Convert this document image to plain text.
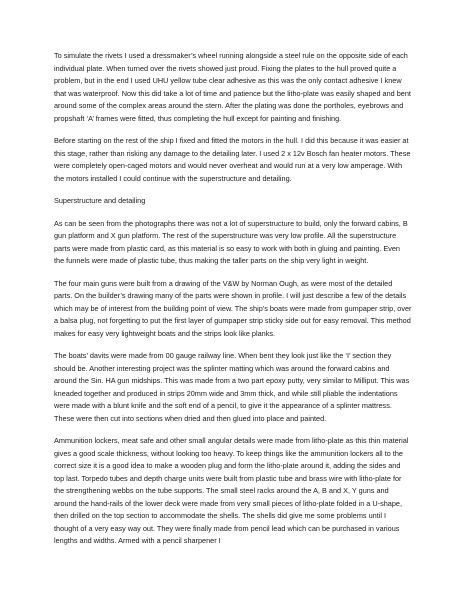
To simulate the rivets I used a dressmaker’s wheel running alongside a steel rule on the opposite side of each individual plate. When turned over the rivets showed just proud. Fixing the plates to the hull proved quite a problem, but in the end I used UHU yellow tube clear adhesive as this was the only contact adhesive I knew that was waterproof. Now this did take a lot of time and patience but the litho-plate was easily shaped and bent around some of the complex areas around the stern. After the plating was done the portholes, eyebrows and propshaft ‘A’ frames were fitted, thus completing the hull except for painting and finishing.

Before starting on the rest of the ship I fixed and fitted the motors in the hull. I did this because it was easier at this stage, rather than risking any damage to the detailing later. I used 2 x 12v Bosch fan heater motors. These were completely open-caged motors and would never overheat and would run at a very low amperage. With the motors installed I could continue with the superstructure and detailing.

Superstructure and detailing

As can be seen from the photographs there was not a lot of superstructure to build, only the forward cabins, B gun platform and X gun platform. The rest of the superstructure was very low profile. All the superstructure parts were made from plastic card, as this material is so easy to work with both in gluing and painting. Even the funnels were made of plastic tube, thus making the taller parts on the ship very light in weight.

The four main guns were built from a drawing of the V&W by Norman Ough, as were most of the detailed parts. On the builder’s drawing many of the parts were shown in profile. I will just describe a few of the details which may be of interest from the building point of view. The ship’s boats were made from gumpaper strip, over a balsa plug, not forgetting to put the first layer of gumpaper strip sticky side out for easy removal. This method makes for easy very lightweight boats and the strips look like planks.

The boats’ davits were made from 00 gauge railway line. When bent they look just like the ‘I’ section they should be. Another interesting project was the splinter matting which was around the forward cabins and around the Sin. HA gun midships. This was made from a two part epoxy putty, very similar to Milliput. This was kneaded together and produced in strips 20mm wide and 3mm thick, and while still pliable the indentations were made with a blunt knife and the soft end of a pencil, to give it the appearance of a splinter mattress. These were then cut into sections when dried and then glued into place and painted.

Ammunition lockers, meat safe and other small angular details were made from litho-plate as this thin material gives a good scale thickness, without looking too heavy. To keep things like the ammunition lockers all to the correct size it is a good idea to make a wooden plug and form the litho-plate around it, adding the sides and top last. Torpedo tubes and depth charge units were built from plastic tube and brass wire with litho-plate for the strengthening webbs on the tube supports. The small steel racks around the A, B and X, Y guns and around the hand-rails of the lower deck were made from very small pieces of litho-plate folded in a U-shape, then drilled on the top section to accommodate the shells. The shells did give me some problems until I thought of a very easy way out. They were finally made from pencil lead which can be purchased in various lengths and widths. Armed with a pencil sharpener I
